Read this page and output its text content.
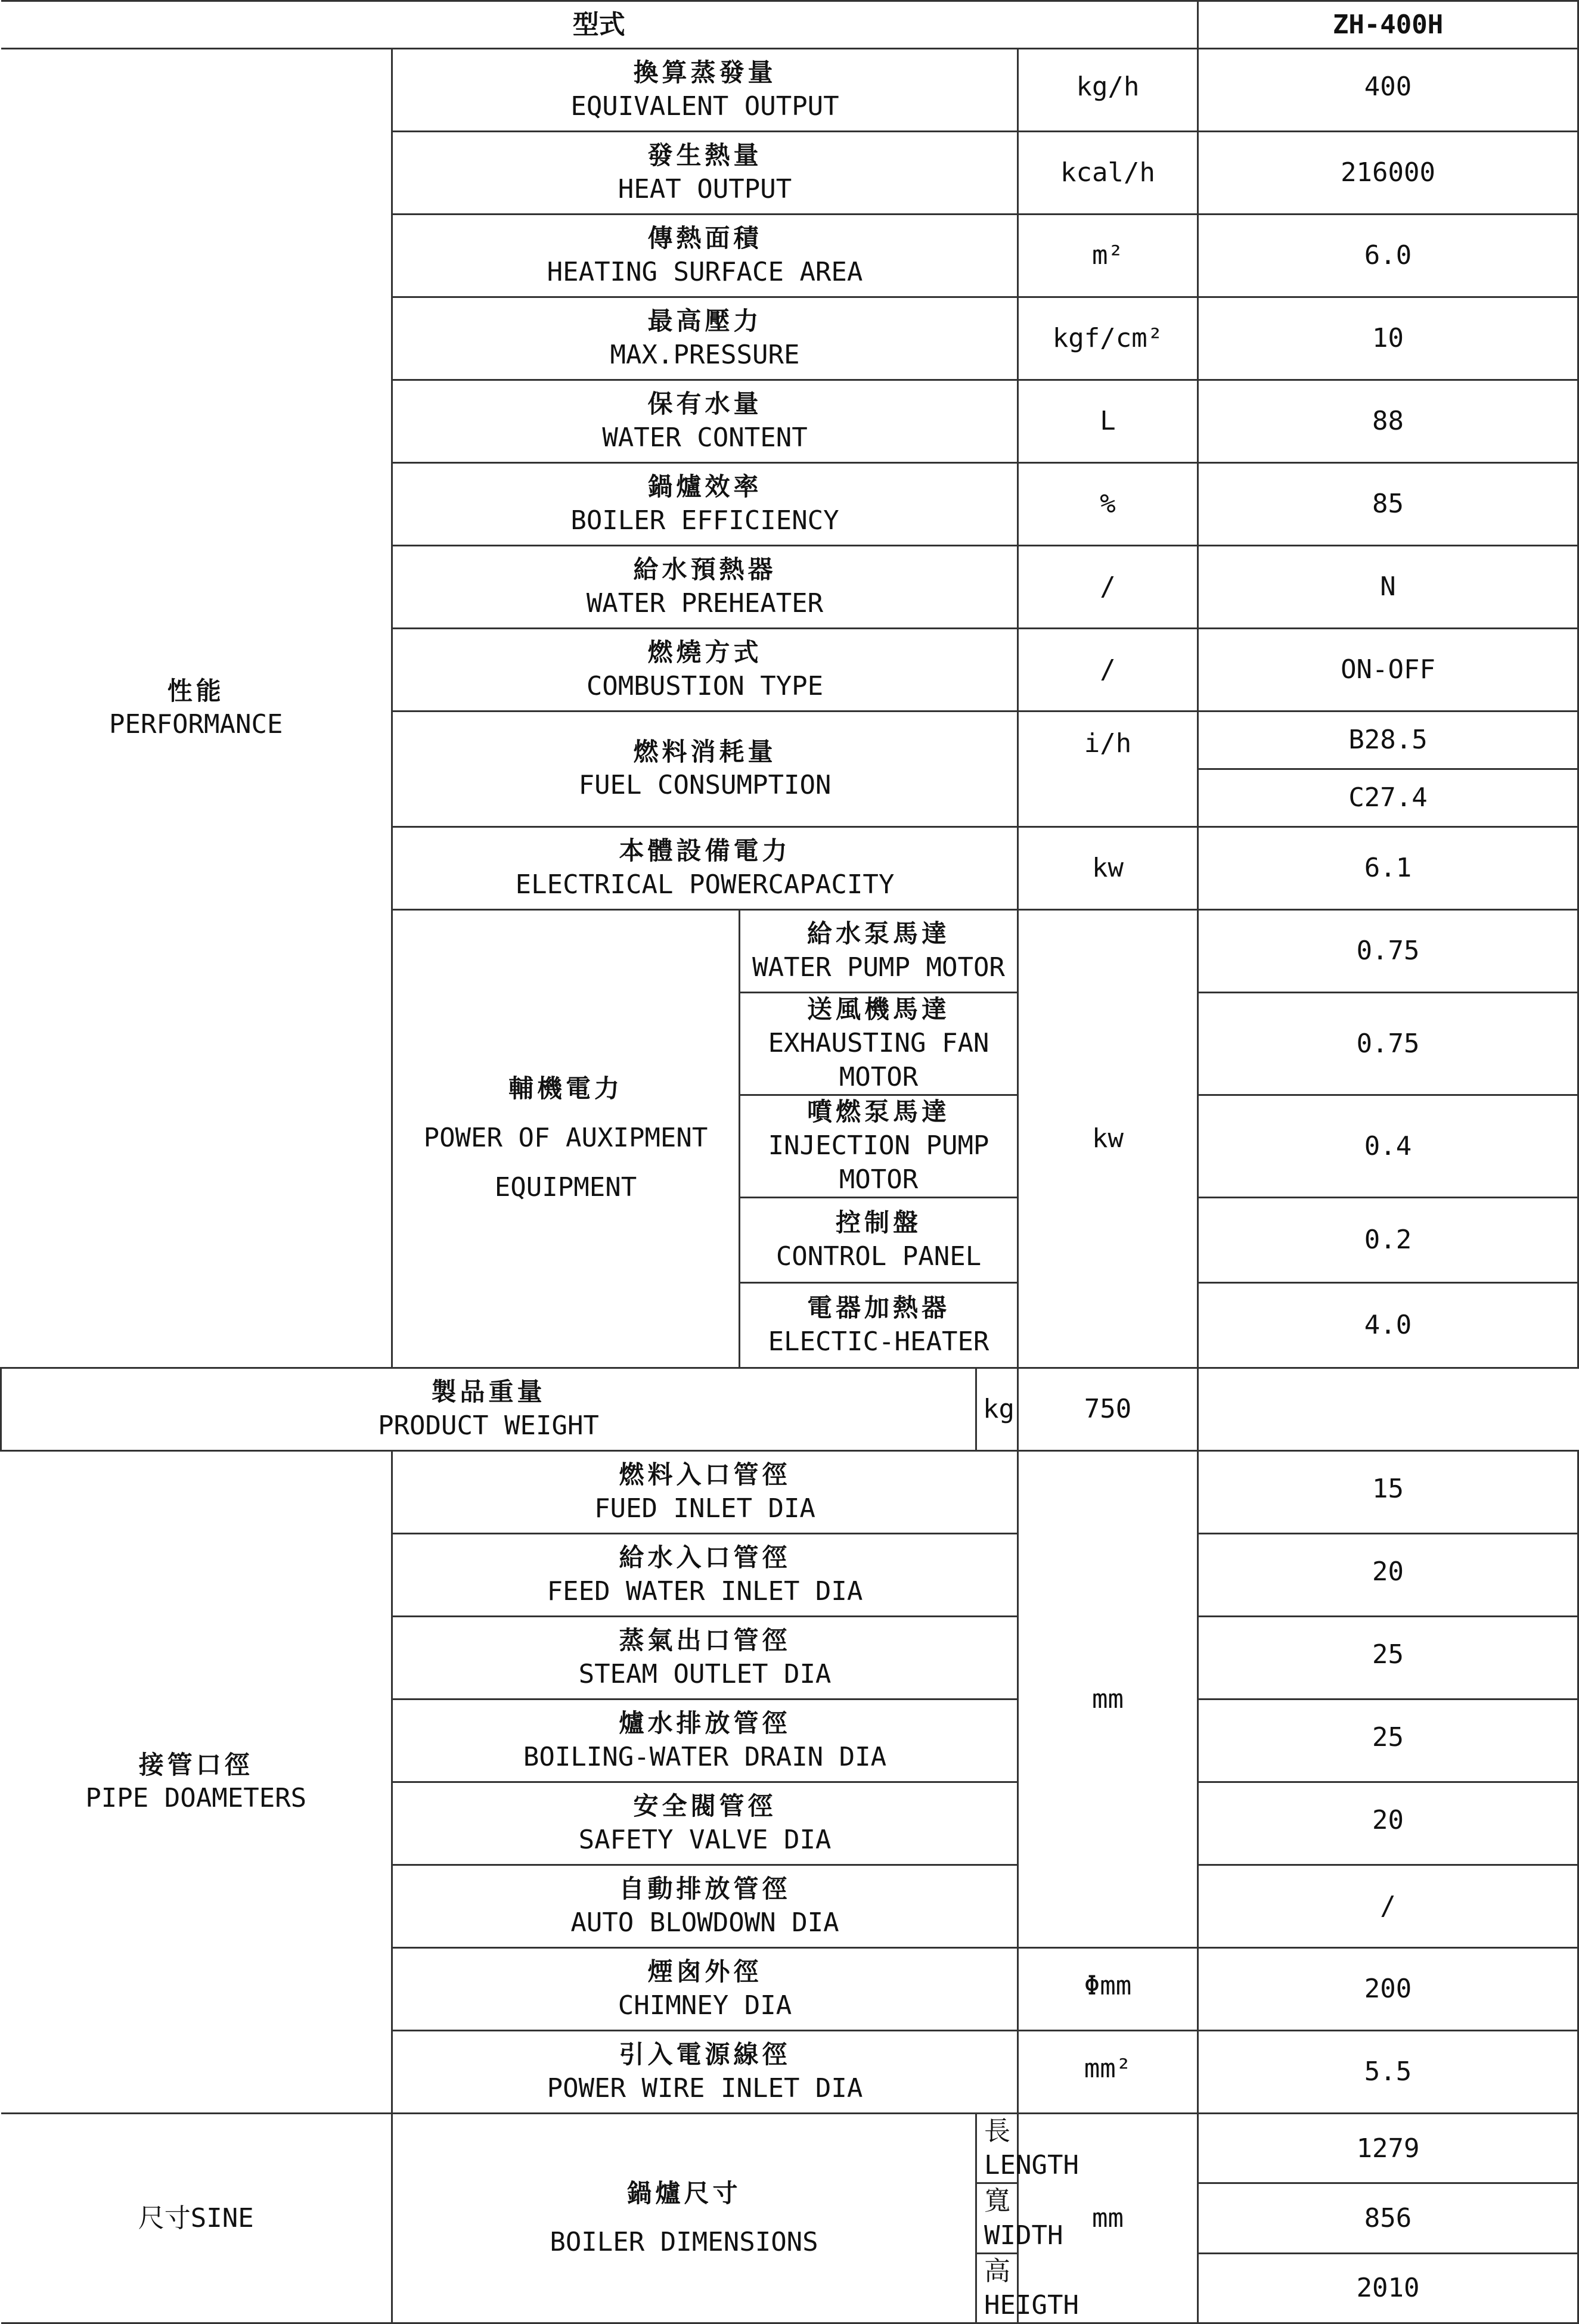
型式					ZH-400H

性能
PERFORMANCE	換算蒸發量
EQUIVALENT OUTPUT			kg/h	400

	發生熱量
HEAT OUTPUT			kcal/h	216000

	傳熱面積
HEATING SURFACE AREA			m²	6.0

	最高壓力
MAX.PRESSURE			kgf/cm²	10

	保有水量
WATER CONTENT			L	88

	鍋爐效率
BOILER EFFICIENCY			%	85

	給水預熱器
WATER PREHEATER			/	N

	燃燒方式
COMBUSTION TYPE			/	ON-OFF

	燃料消耗量
FUEL CONSUMPTION			i/h	B28.5
					C27.4

	本體設備電力
ELECTRICAL POWERCAPACITY			kw	6.1

	輔機電力
POWER OF AUXIPMENT
EQUIPMENT	給水泵馬達
WATER PUMP MOTOR		kw	0.75

		送風機馬達
EXHAUSTING FAN MOTOR			0.75

		噴燃泵馬達
INJECTION PUMP MOTOR			0.4

		控制盤
CONTROL PANEL			0.2

		電器加熱器
ELECTIC-HEATER			4.0

製品重量
PRODUCT WEIGHT			kg	750	

接管口徑
PIPE DOAMETERS	燃料入口管徑
FUED INLET DIA			mm	15

	給水入口管徑
FEED WATER INLET DIA				20

	蒸氣出口管徑
STEAM OUTLET DIA				25

	爐水排放管徑
BOILING-WATER DRAIN DIA				25

	安全閥管徑
SAFETY VALVE DIA				20

	自動排放管徑
AUTO BLOWDOWN DIA				/

	煙囪外徑
CHIMNEY DIA			Φmm	200

	引入電源線徑
POWER WIRE INLET DIA			mm²	5.5
尺寸SINE	鍋爐尺寸
BOILER DIMENSIONS		長LENGTH	mm	1279
			寬WIDTH		856
			高HEIGTH		2010
